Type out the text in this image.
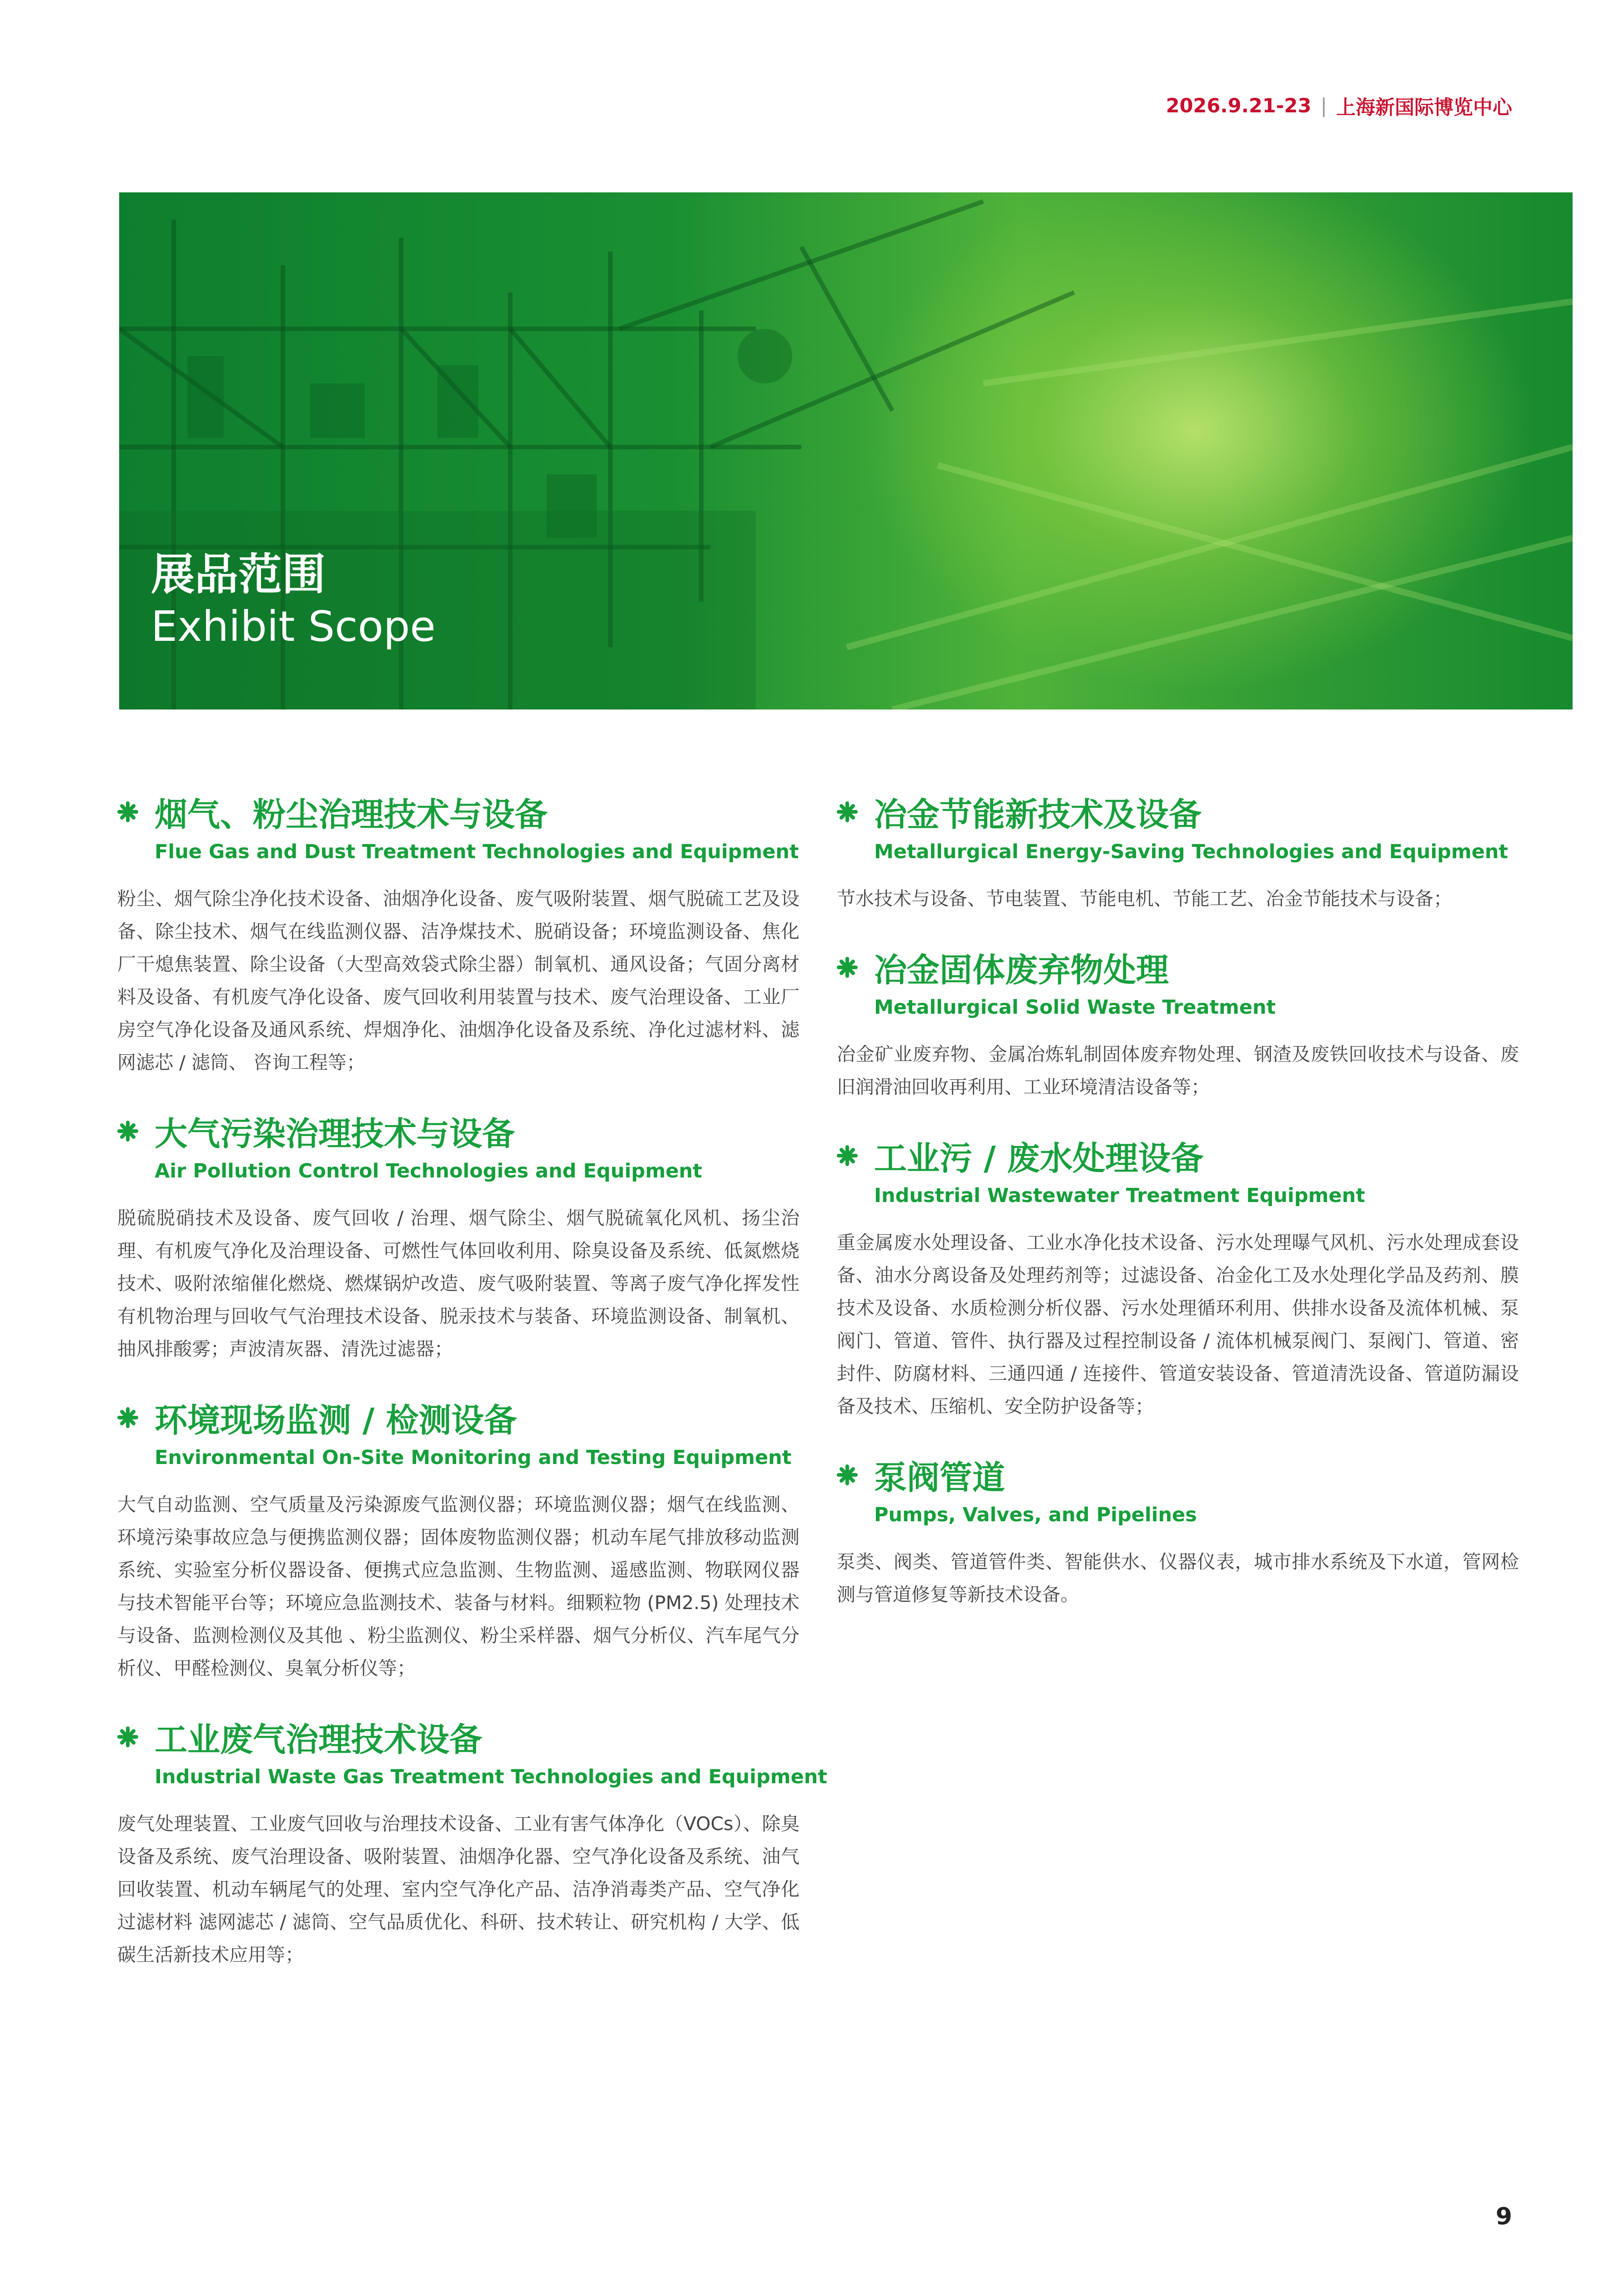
2026.9.21-23 | 上海新国际博览中心
展品范围
Exhibit Scope
烟气、粉尘治理技术与设备
Flue Gas and Dust Treatment Technologies and Equipment
粉尘、烟气除尘净化技术设备、油烟净化设备、废气吸附装置、烟气脱硫工艺及设备、除尘技术、烟气在线监测仪器、洁净煤技术、脱硝设备；环境监测设备、焦化厂干熄焦装置、除尘设备（大型高效袋式除尘器）制氧机、通风设备；气固分离材料及设备、有机废气净化设备、废气回收利用装置与技术、废气治理设备、工业厂房空气净化设备及通风系统、焊烟净化、油烟净化设备及系统、净化过滤材料、滤网滤芯 / 滤筒、 咨询工程等；
大气污染治理技术与设备
Air Pollution Control Technologies and Equipment
脱硫脱硝技术及设备、废气回收 / 治理、烟气除尘、烟气脱硫氧化风机、扬尘治理、有机废气净化及治理设备、可燃性气体回收利用、除臭设备及系统、低氮燃烧技术、吸附浓缩催化燃烧、燃煤锅炉改造、废气吸附装置、等离子废气净化挥发性有机物治理与回收气气治理技术设备、脱汞技术与装备、环境监测设备、制氧机、抽风排酸雾；声波清灰器、清洗过滤器；
环境现场监测 / 检测设备
Environmental On-Site Monitoring and Testing Equipment
大气自动监测、空气质量及污染源废气监测仪器；环境监测仪器；烟气在线监测、环境污染事故应急与便携监测仪器；固体废物监测仪器；机动车尾气排放移动监测系统、实验室分析仪器设备、便携式应急监测、生物监测、遥感监测、物联网仪器与技术智能平台等；环境应急监测技术、装备与材料。细颗粒物 (PM2.5) 处理技术与设备、监测检测仪及其他 、粉尘监测仪、粉尘采样器、烟气分析仪、汽车尾气分析仪、甲醛检测仪、臭氧分析仪等；
工业废气治理技术设备
Industrial Waste Gas Treatment Technologies and Equipment
废气处理装置、工业废气回收与治理技术设备、工业有害气体净化（VOCs）、除臭设备及系统、废气治理设备、吸附装置、油烟净化器、空气净化设备及系统、油气回收装置、机动车辆尾气的处理、室内空气净化产品、洁净消毒类产品、空气净化过滤材料 滤网滤芯 / 滤筒、空气品质优化、科研、技术转让、研究机构 / 大学、低碳生活新技术应用等；
冶金节能新技术及设备
Metallurgical Energy-Saving Technologies and Equipment
节水技术与设备、节电装置、节能电机、节能工艺、冶金节能技术与设备；
冶金固体废弃物处理
Metallurgical Solid Waste Treatment
冶金矿业废弃物、金属冶炼轧制固体废弃物处理、钢渣及废铁回收技术与设备、废旧润滑油回收再利用、工业环境清洁设备等；
工业污 / 废水处理设备
Industrial Wastewater Treatment Equipment
重金属废水处理设备、工业水净化技术设备、污水处理曝气风机、污水处理成套设备、油水分离设备及处理药剂等；过滤设备、冶金化工及水处理化学品及药剂、膜技术及设备、水质检测分析仪器、污水处理循环利用、供排水设备及流体机械、泵阀门、管道、管件、执行器及过程控制设备 / 流体机械泵阀门、泵阀门、管道、密封件、防腐材料、三通四通 / 连接件、管道安装设备、管道清洗设备、管道防漏设备及技术、压缩机、安全防护设备等；
泵阀管道
Pumps, Valves, and Pipelines
泵类、阀类、管道管件类、智能供水、仪器仪表，城市排水系统及下水道，管网检测与管道修复等新技术设备。
9
